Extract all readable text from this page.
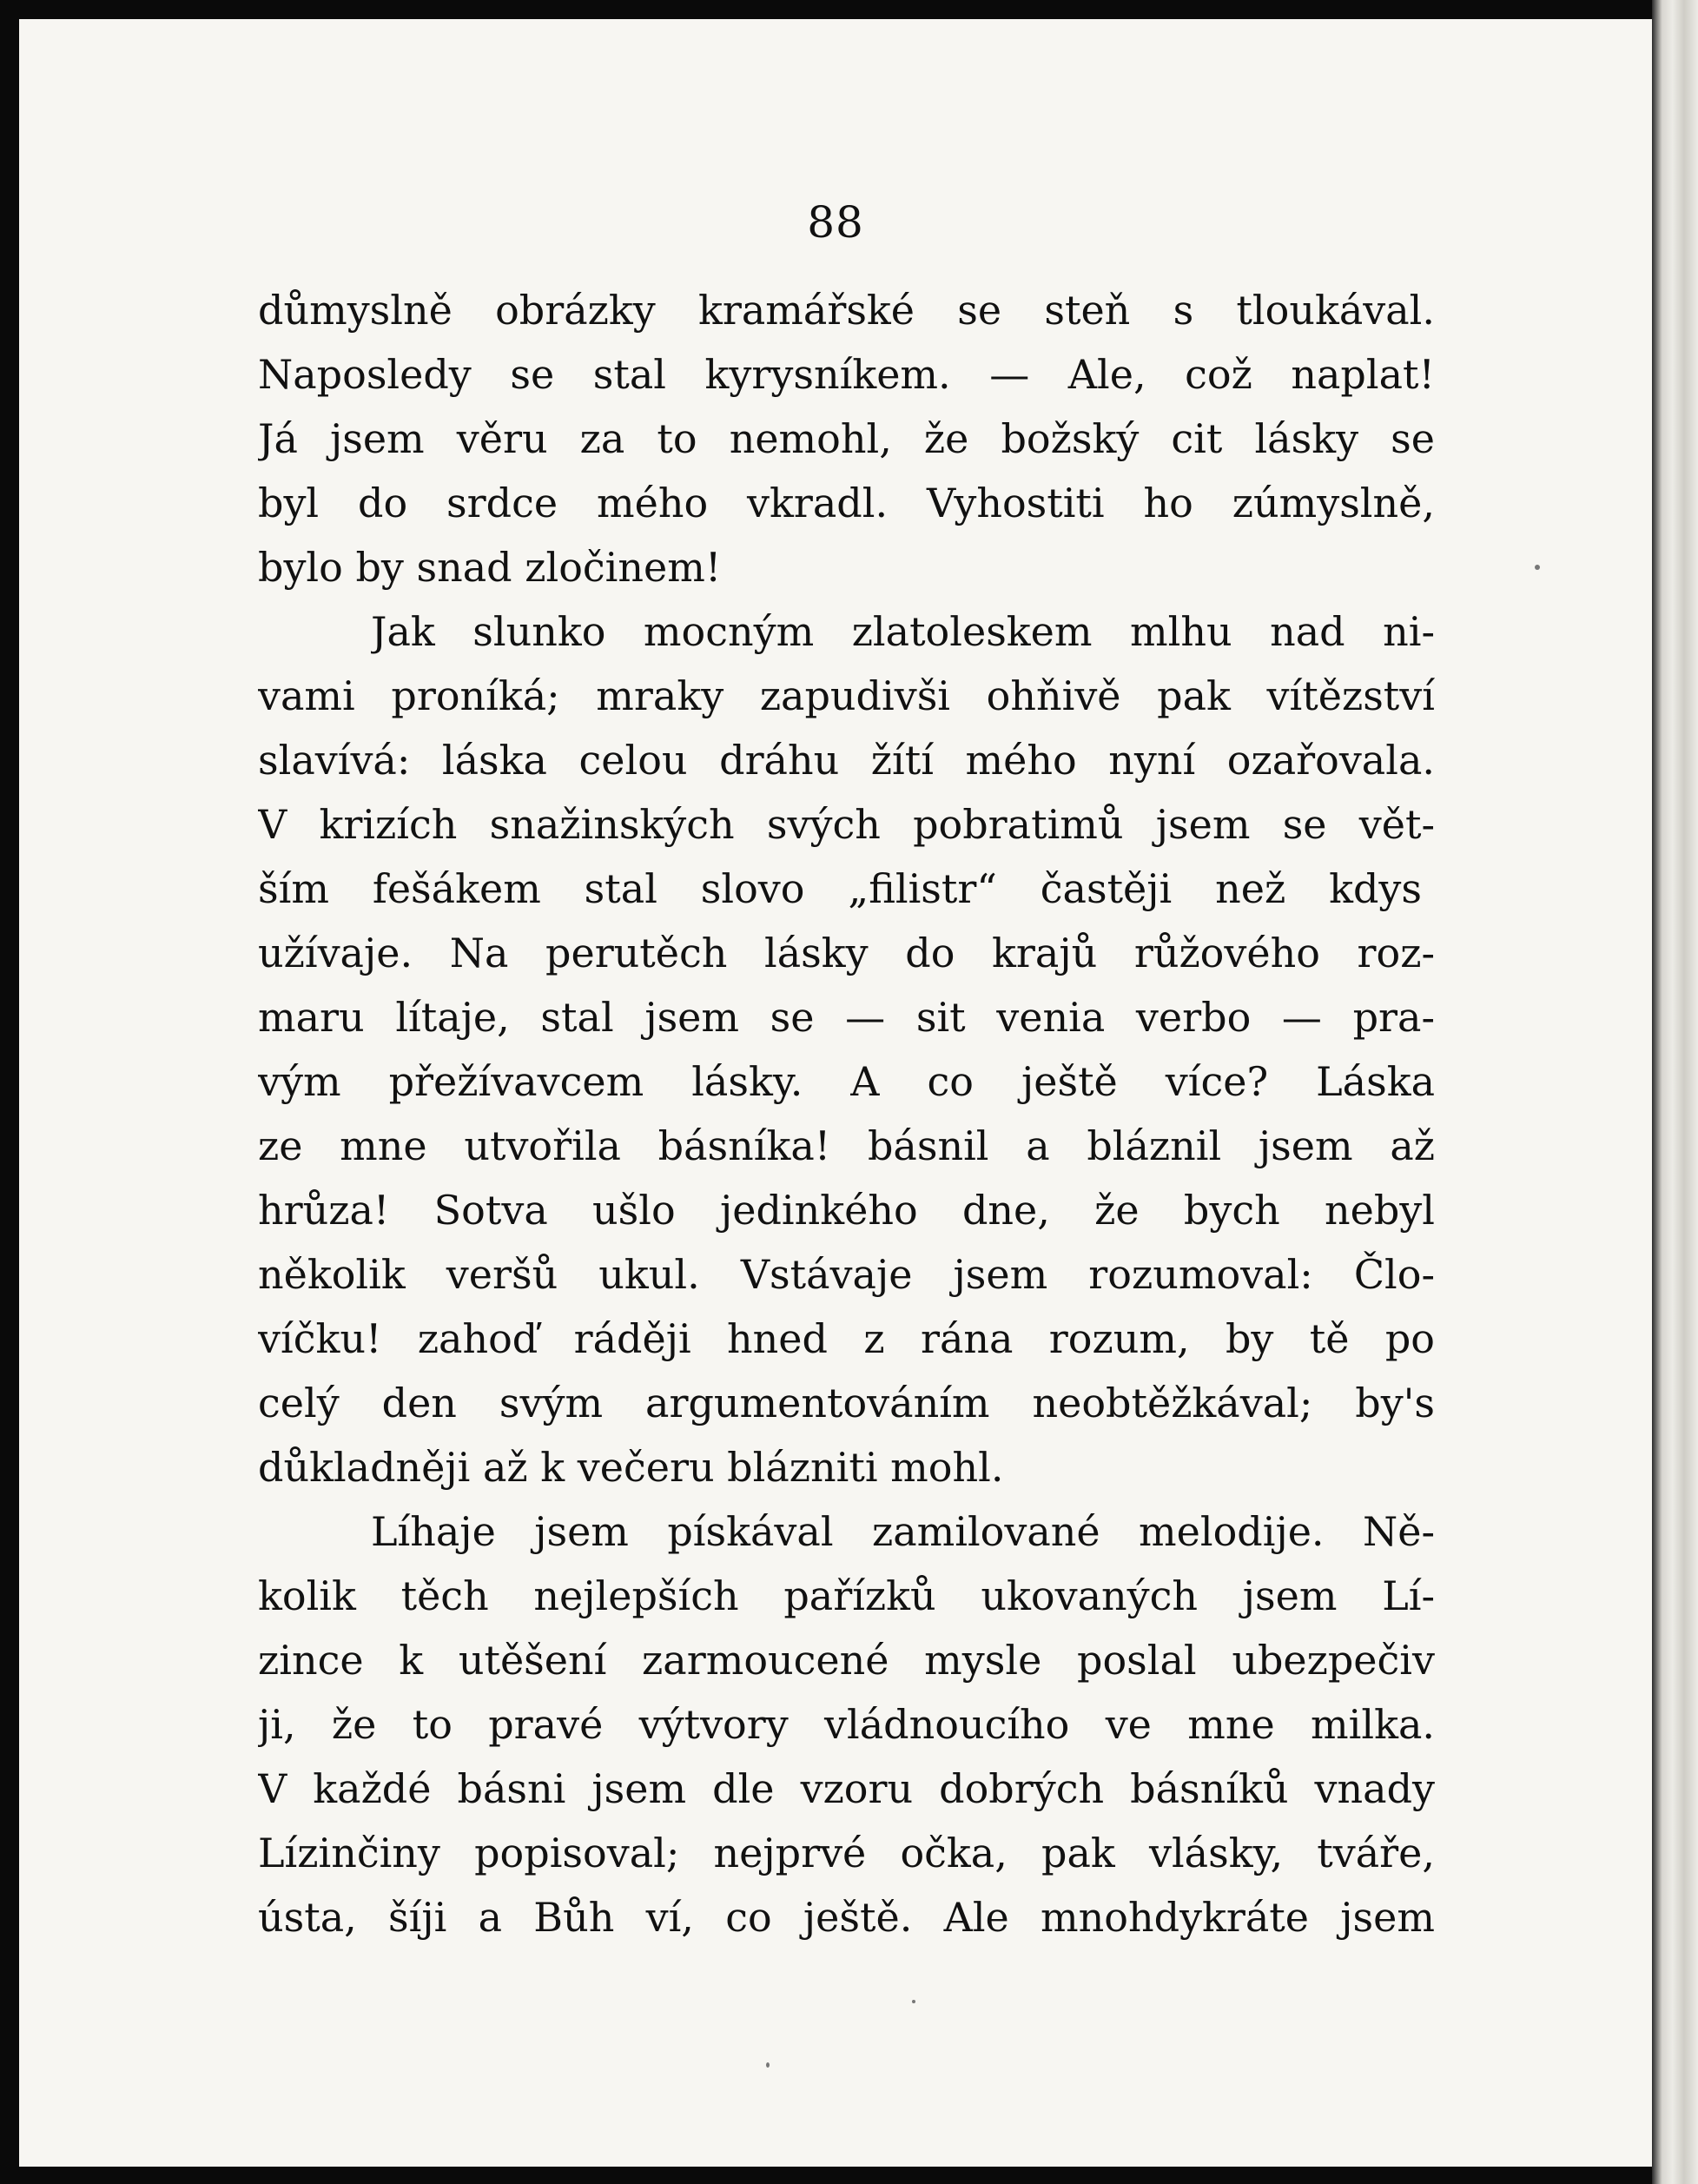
88
důmyslně obrázky kramářské se steň s tloukával.
Naposledy se stal kyrysníkem. — Ale, což naplat!
Já jsem věru za to nemohl, že božský cit lásky se
byl do srdce mého vkradl. Vyhostiti ho zúmyslně,
bylo by snad zločinem!
Jak slunko mocným zlatoleskem mlhu nad ni-
vami proníká; mraky zapudivši ohňivě pak vítězství
slavívá: láska celou dráhu žítí mého nyní ozařovala.
V krizích snažinských svých pobratimů jsem se vět-
ším fešákem stal slovo „filistr“ častěji než kdys
užívaje. Na perutěch lásky do krajů růžového roz-
maru lítaje, stal jsem se — sit venia verbo — pra-
vým přežívavcem lásky. A co ještě více? Láska
ze mne utvořila básníka! básnil a bláznil jsem až
hrůza! Sotva ušlo jedinkého dne, že bych nebyl
několik veršů ukul. Vstávaje jsem rozumoval: Člo-
víčku! zahoď ráději hned z rána rozum, by tě po
celý den svým argumentováním neobtěžkával; by's
důkladněji až k večeru blázniti mohl.
Líhaje jsem pískával zamilované melodije. Ně-
kolik těch nejlepších pařízků ukovaných jsem Lí-
zince k utěšení zarmoucené mysle poslal ubezpečiv
ji, že to pravé výtvory vládnoucího ve mne milka.
V každé básni jsem dle vzoru dobrých básníků vnady
Lízinčiny popisoval; nejprvé očka, pak vlásky, tváře,
ústa, šíji a Bůh ví, co ještě. Ale mnohdykráte jsem
